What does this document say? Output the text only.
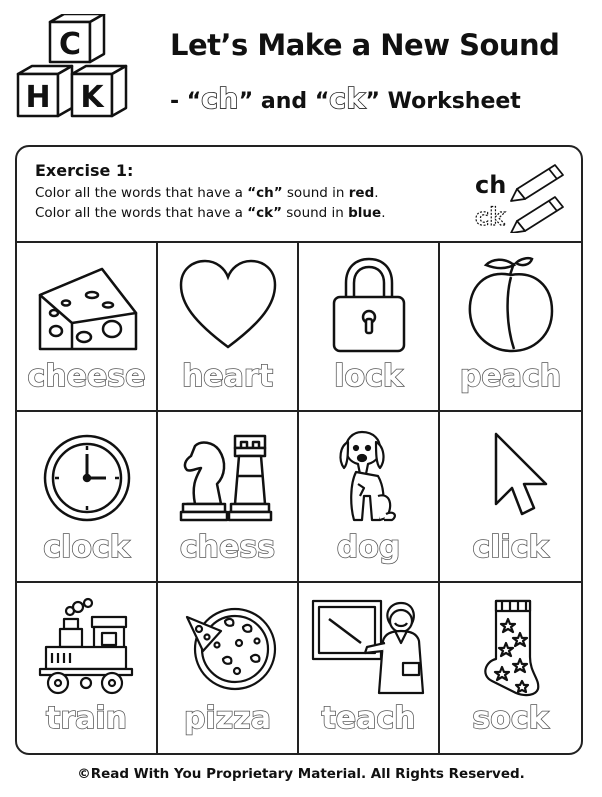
C
H K
Let’s Make a New Sound
- “ch” and “ck” Worksheet
Exercise 1:
Color all the words that have a “ch” sound in red.
Color all the words that have a “ck” sound in blue.
ch
ck
cheese	heart	lock	peach
clock	chess	dog	click
train	pizza	teach	sock
©Read With You Proprietary Material. All Rights Reserved.
